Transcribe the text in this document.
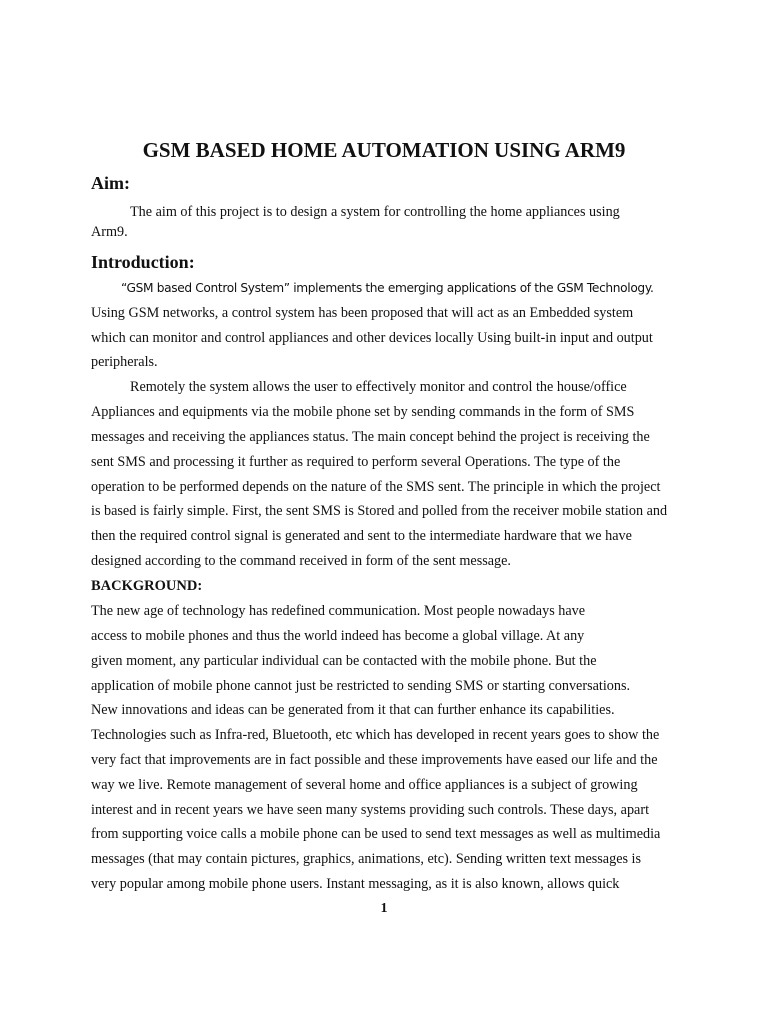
GSM BASED HOME AUTOMATION USING ARM9
Aim:
The aim of this project is to design a system for controlling the home appliances using
Arm9.
Introduction:
“GSM based Control System” implements the emerging applications of the GSM Technology.
Using GSM networks, a control system has been proposed that will act as an Embedded system
which can monitor and control appliances and other devices locally Using built-in input and output
peripherals.
Remotely the system allows the user to effectively monitor and control the house/office
Appliances and equipments via the mobile phone set by sending commands in the form of SMS
messages and receiving the appliances status. The main concept behind the project is receiving the
sent SMS and processing it further as required to perform several Operations. The type of the
operation to be performed depends on the nature of the SMS sent. The principle in which the project
is based is fairly simple. First, the sent SMS is Stored and polled from the receiver mobile station and
then the required control signal is generated and sent to the intermediate hardware that we have
designed according to the command received in form of the sent message.
BACKGROUND:
The new age of technology has redefined communication. Most people nowadays have
access to mobile phones and thus the world indeed has become a global village. At any
given moment, any particular individual can be contacted with the mobile phone. But the
application of mobile phone cannot just be restricted to sending SMS or starting conversations.
New innovations and ideas can be generated from it that can further enhance its capabilities.
Technologies such as Infra-red, Bluetooth, etc which has developed in recent years goes to show the
very fact that improvements are in fact possible and these improvements have eased our life and the
way we live. Remote management of several home and office appliances is a subject of growing
interest and in recent years we have seen many systems providing such controls. These days, apart
from supporting voice calls a mobile phone can be used to send text messages as well as multimedia
messages (that may contain pictures, graphics, animations, etc). Sending written text messages is
very popular among mobile phone users. Instant messaging, as it is also known, allows quick
1
